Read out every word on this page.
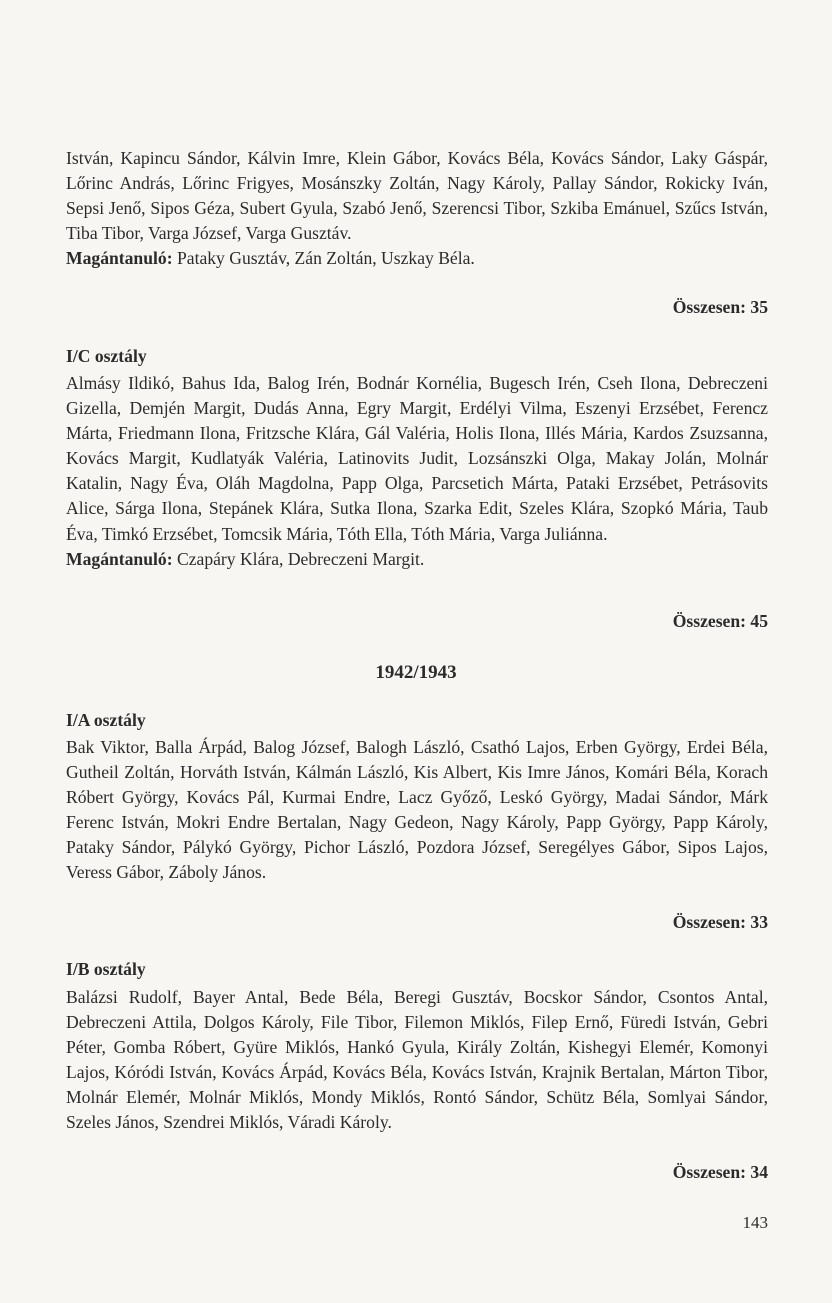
István, Kapincu Sándor, Kálvin Imre, Klein Gábor, Kovács Béla, Kovács Sándor, Laky Gáspár, Lőrinc András, Lőrinc Frigyes, Mosánszky Zoltán, Nagy Károly, Pallay Sándor, Rokicky Iván, Sepsi Jenő, Sipos Géza, Subert Gyula, Szabó Jenő, Szerencsi Tibor, Szkiba Emánuel, Szűcs István, Tiba Tibor, Varga József, Varga Gusztáv.
Magántanuló: Pataky Gusztáv, Zán Zoltán, Uszkay Béla.
Összesen: 35
I/C osztály
Almásy Ildikó, Bahus Ida, Balog Irén, Bodnár Kornélia, Bugesch Irén, Cseh Ilona, Debreczeni Gizella, Demjén Margit, Dudás Anna, Egry Margit, Erdélyi Vilma, Eszenyi Erzsébet, Ferencz Márta, Friedmann Ilona, Fritzsche Klára, Gál Valéria, Holis Ilona, Illés Mária, Kardos Zsuzsanna, Kovács Margit, Kudlatyák Valéria, Latinovits Judit, Lozsánszki Olga, Makay Jolán, Molnár Katalin, Nagy Éva, Oláh Magdolna, Papp Olga, Parcsetich Márta, Pataki Erzsébet, Petrásovits Alice, Sárga Ilona, Stepánek Klára, Sutka Ilona, Szarka Edit, Szeles Klára, Szopkó Mária, Taub Éva, Timkó Erzsébet, Tomcsik Mária, Tóth Ella, Tóth Mária, Varga Juliánna.
Magántanuló: Czapáry Klára, Debreczeni Margit.
Összesen: 45
1942/1943
I/A osztály
Bak Viktor, Balla Árpád, Balog József, Balogh László, Csathó Lajos, Erben György, Erdei Béla, Gutheil Zoltán, Horváth István, Kálmán László, Kis Albert, Kis Imre János, Komári Béla, Korach Róbert György, Kovács Pál, Kurmai Endre, Lacz Győző, Leskó György, Madai Sándor, Márk Ferenc István, Mokri Endre Bertalan, Nagy Gedeon, Nagy Károly, Papp György, Papp Károly, Pataky Sándor, Pálykó György, Pichor László, Pozdora József, Seregélyes Gábor, Sipos Lajos, Veress Gábor, Záboly János.
Összesen: 33
I/B osztály
Balázsi Rudolf, Bayer Antal, Bede Béla, Beregi Gusztáv, Bocskor Sándor, Csontos Antal, Debreczeni Attila, Dolgos Károly, File Tibor, Filemon Miklós, Filep Ernő, Füredi István, Gebri Péter, Gomba Róbert, Gyüre Miklós, Hankó Gyula, Király Zoltán, Kishegyi Elemér, Komonyi Lajos, Kóródi István, Kovács Árpád, Kovács Béla, Kovács István, Krajnik Bertalan, Márton Tibor, Molnár Elemér, Molnár Miklós, Mondy Miklós, Rontó Sándor, Schütz Béla, Somlyai Sándor, Szeles János, Szendrei Miklós, Váradi Károly.
Összesen: 34
143
